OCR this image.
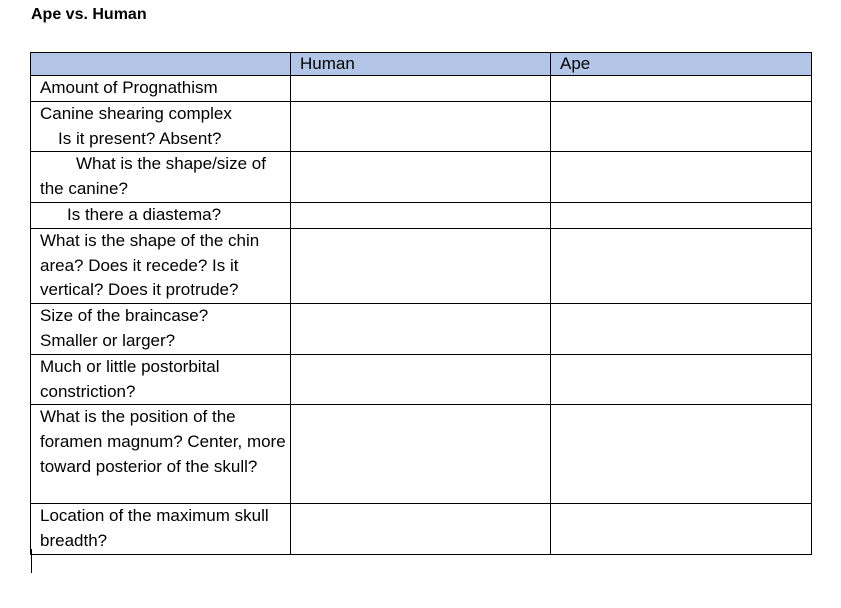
Ape vs. Human
	Human	Ape

Amount of Prognathism		

Canine shearing complex
Is it present? Absent?		

What is the shape/size of the canine?		

Is there a diastema?		

What is the shape of the chin area? Does it recede? Is it vertical? Does it protrude?		

Size of the braincase?
Smaller or larger?		

Much or little postorbital constriction?		

What is the position of the foramen magnum? Center, more toward posterior of the skull?		

Location of the maximum skull breadth?		
